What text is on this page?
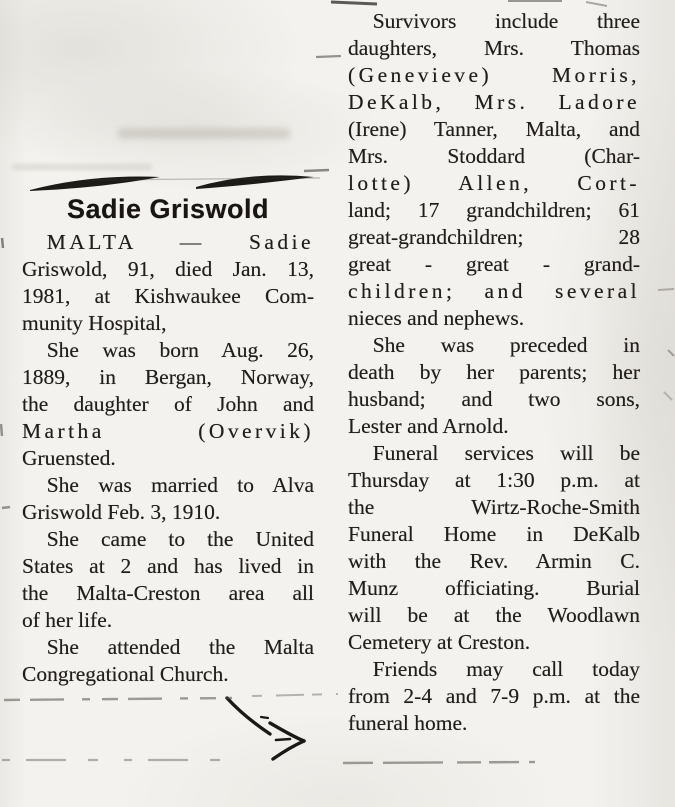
Sadie Griswold
MALTA — Sadie
Griswold, 91, died Jan. 13,
1981, at Kishwaukee Com-
munity Hospital,
She was born Aug. 26,
1889, in Bergan, Norway,
the daughter of John and
Martha (Overvik)
Gruensted.
She was married to Alva
Griswold Feb. 3, 1910.
She came to the United
States at 2 and has lived in
the Malta-Creston area all
of her life.
She attended the Malta
Congregational Church.
Survivors include three
daughters, Mrs. Thomas
(Genevieve) Morris,
DeKalb, Mrs. Ladore
(Irene) Tanner, Malta, and
Mrs. Stoddard (Char-
lotte) Allen, Cort-
land; 17 grandchildren; 61
great-grandchildren; 28
great - great - grand-
children; and several
nieces and nephews.
She was preceded in
death by her parents; her
husband; and two sons,
Lester and Arnold.
Funeral services will be
Thursday at 1:30 p.m. at
the Wirtz-Roche-Smith
Funeral Home in DeKalb
with the Rev. Armin C.
Munz officiating. Burial
will be at the Woodlawn
Cemetery at Creston.
Friends may call today
from 2-4 and 7-9 p.m. at the
funeral home.
